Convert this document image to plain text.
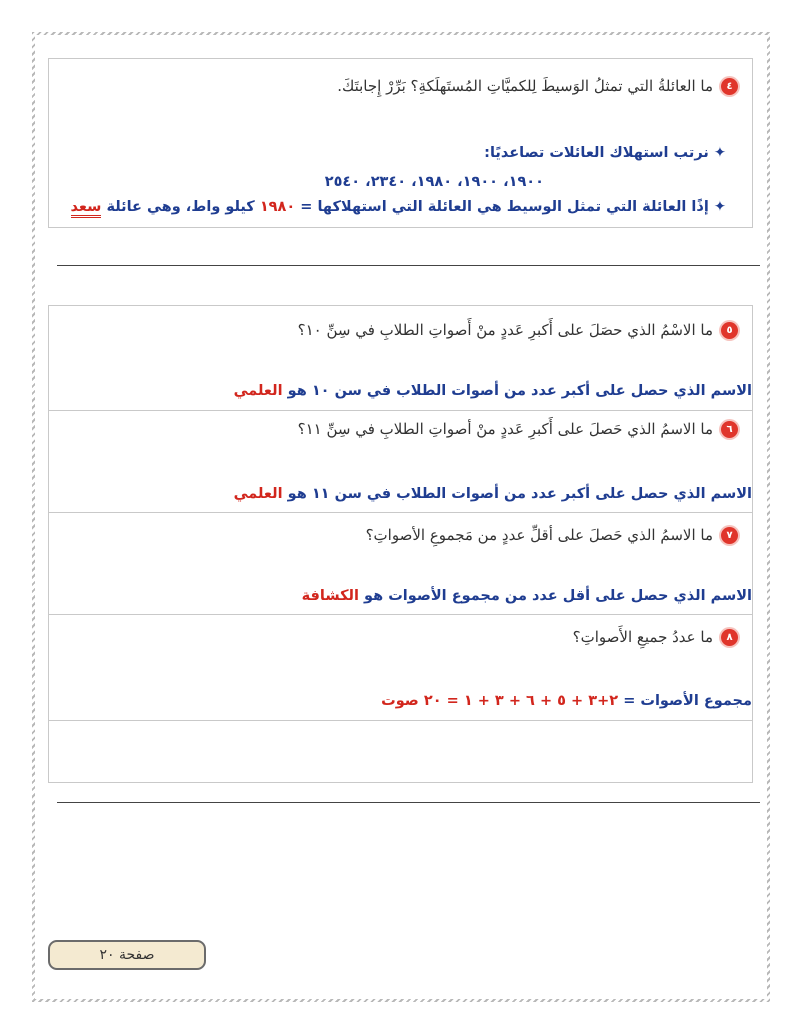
٤
ما العائلةُ التي تمثلُ الوَسيطَ لِلكميَّاتِ المُستَهلَكةِ؟ بَرِّرْ إِجابتَكَ.
✦ نرتب استهلاك العائلات تصاعديًا:
١٩٠٠، ١٩٠٠، ١٩٨٠، ٢٣٤٠، ٢٥٤٠
✦ إذًا العائلة التي تمثل الوسيط هي العائلة التي استهلاكها = ١٩٨٠ كيلو واط، وهي عائلة سعد
٥
ما الاسْمُ الذي حصَلَ على أَكبرِ عَددٍ منْ أَصواتِ الطلابِ في سِنِّ ١٠؟
الاسم الذي حصل على أكبر عدد من أصوات الطلاب في سن ١٠ هو العلمي
٦
ما الاسمُ الذي حَصلَ على أَكبرِ عَددٍ منْ أصواتِ الطلابِ في سِنِّ ١١؟
الاسم الذي حصل على أكبر عدد من أصوات الطلاب في سن ١١ هو العلمي
٧
ما الاسمُ الذي حَصلَ على أقلِّ عددٍ من مَجموعِ الأصواتِ؟
الاسم الذي حصل على أقل عدد من مجموع الأصوات هو الكشافة
٨
ما عددُ جميعِ الأَصواتِ؟
مجموع الأصوات = ٢+٣ + ٥ + ٦ + ٣ + ١ = ٢٠ صوت
صفحة ٢٠
